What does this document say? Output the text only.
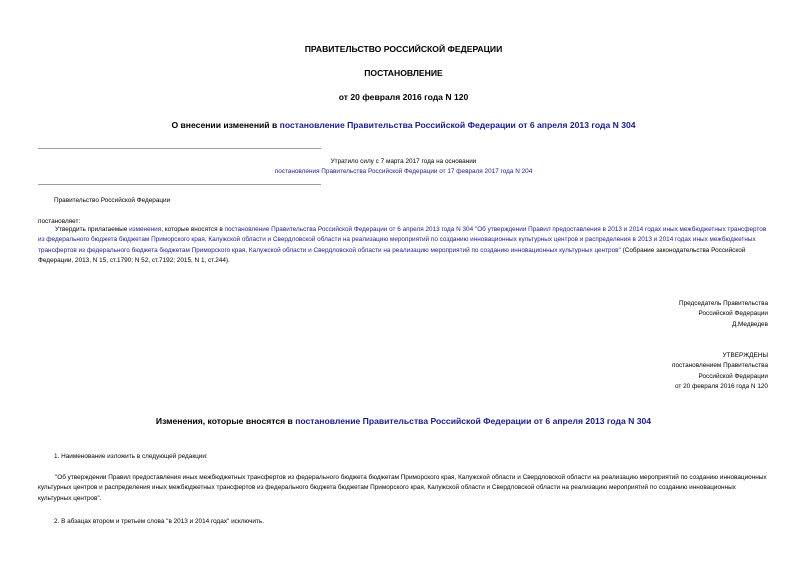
ПРАВИТЕЛЬСТВО РОССИЙСКОЙ ФЕДЕРАЦИИ
ПОСТАНОВЛЕНИЕ
от 20 февраля 2016 года N 120
О внесении изменений в постановление Правительства Российской Федерации от 6 апреля 2013 года N 304
Утратило силу с 7 марта 2017 года на основании
постановления Правительства Российской Федерации от 17 февраля 2017 года N 204
Правительство Российской Федерации
постановляет:
Утвердить прилагаемые изменения, которые вносятся в постановление Правительства Российской Федерации от 6 апреля 2013 года N 304 "Об утверждении Правил предоставления в 2013 и 2014 годах иных межбюджетных трансфертов из федерального бюджета бюджетам Приморского края, Калужской области и Свердловской области на реализацию мероприятий по созданию инновационных культурных центров и распределения в 2013 и 2014 годах иных межбюджетных трансфертов из федерального бюджета бюджетам Приморского края, Калужской области и Свердловской области на реализацию мероприятий по созданию инновационных культурных центров" (Собрание законодательства Российской Федерации, 2013, N 15, ст.1790; N 52, ст.7192; 2015, N 1, ст.244).
Председатель Правительства
Российской Федерации
Д.Медведев
УТВЕРЖДЕНЫ
постановлением Правительства
Российской Федерации
от 20 февраля 2016 года N 120
Изменения, которые вносятся в постановление Правительства Российской Федерации от 6 апреля 2013 года N 304
1. Наименование изложить в следующей редакции:
"Об утверждении Правил предоставления иных межбюджетных трансфертов из федерального бюджета бюджетам Приморского края, Калужской области и Свердловской области на реализацию мероприятий по созданию инновационных культурных центров и распределения иных межбюджетных трансфертов из федерального бюджета бюджетам Приморского края, Калужской области и Свердловской области на реализацию мероприятий по созданию инновационных культурных центров".
2. В абзацах втором и третьем слова "в 2013 и 2014 годах" исключить.
